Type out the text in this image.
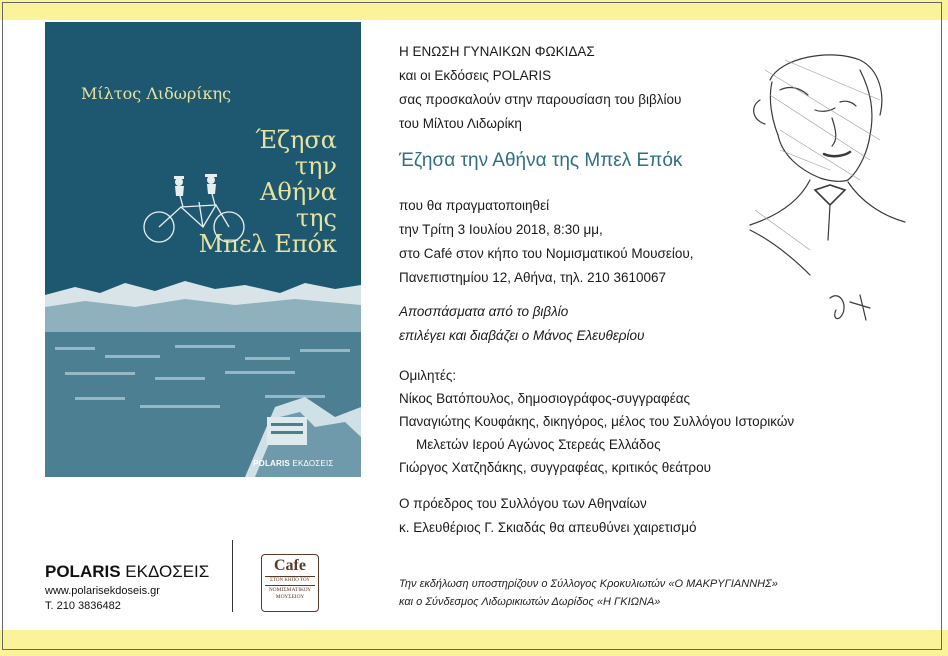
Μίλτος Λιδωρίκης
Έζησα
την
Αθήνα
της
Μπελ Επόκ
POLARIS ΕΚΔΟΣΕΙΣ
Η ΕΝΩΣΗ ΓΥΝΑΙΚΩΝ ΦΩΚΙΔΑΣ
και οι Εκδόσεις POLARIS
σας προσκαλούν στην παρουσίαση του βιβλίου
του Μίλτου Λιδωρίκη
Έζησα την Αθήνα της Μπελ Επόκ
που θα πραγματοποιηθεί
την Τρίτη 3 Ιουλίου 2018, 8:30 μμ,
στο Café στον κήπο του Νομισματικού Μουσείου,
Πανεπιστημίου 12, Αθήνα, τηλ. 210 3610067
Αποσπάσματα από το βιβλίο
επιλέγει και διαβάζει ο Μάνος Ελευθερίου
Ομιλητές:
Νίκος Βατόπουλος, δημοσιογράφος-συγγραφέας
Παναγιώτης Κουφάκης, δικηγόρος, μέλος του Συλλόγου Ιστορικών
Μελετών Ιερού Αγώνος Στερεάς Ελλάδος
Γιώργος Χατζηδάκης, συγγραφέας, κριτικός θεάτρου
Ο πρόεδρος του Συλλόγου των Αθηναίων
κ. Ελευθέριος Γ. Σκιαδάς θα απευθύνει χαιρετισμό
POLARIS ΕΚΔΟΣΕΙΣ
www.polarisekdoseis.gr
Τ. 210 3836482
Cafe
ΣΤΟΝ ΚΗΠΟ ΤΟΥ
ΝΟΜΙΣΜΑΤΙΚΟΥ
ΜΟΥΣΕΙΟΥ
Την εκδήλωση υποστηρίζουν ο Σύλλογος Κροκυλιωτών «Ο ΜΑΚΡΥΓΙΑΝΝΗΣ»
και ο Σύνδεσμος Λιδωρικιωτών Δωρίδος «Η ΓΚΙΩΝΑ»
